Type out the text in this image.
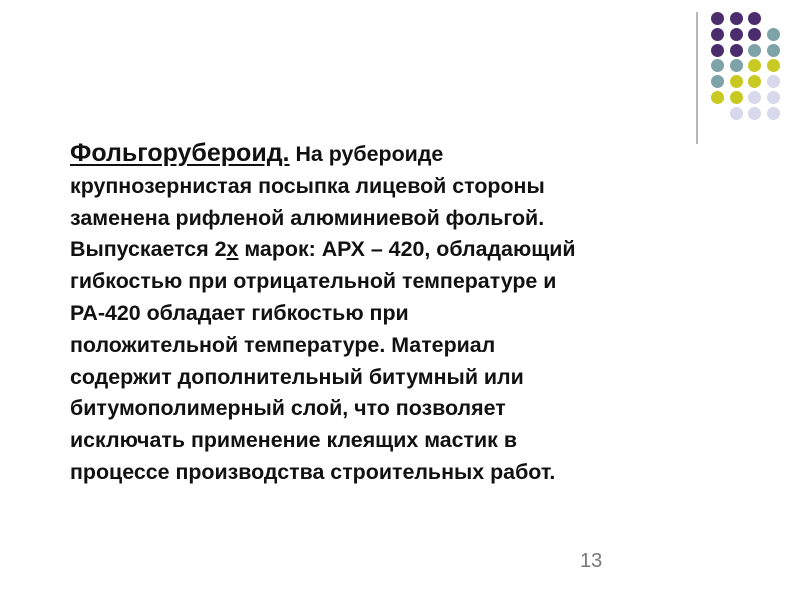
Фольгорубероид. На рубероиде
крупнозернистая посыпка лицевой стороны
заменена рифленой алюминиевой фольгой.
Выпускается 2х марок: АРХ – 420, обладающий
гибкостью при отрицательной температуре и
РА-420 обладает гибкостью при
положительной температуре. Материал
содержит дополнительный битумный или
битумополимерный слой, что позволяет
исключать применение клеящих мастик в
процессе производства строительных работ.

13
